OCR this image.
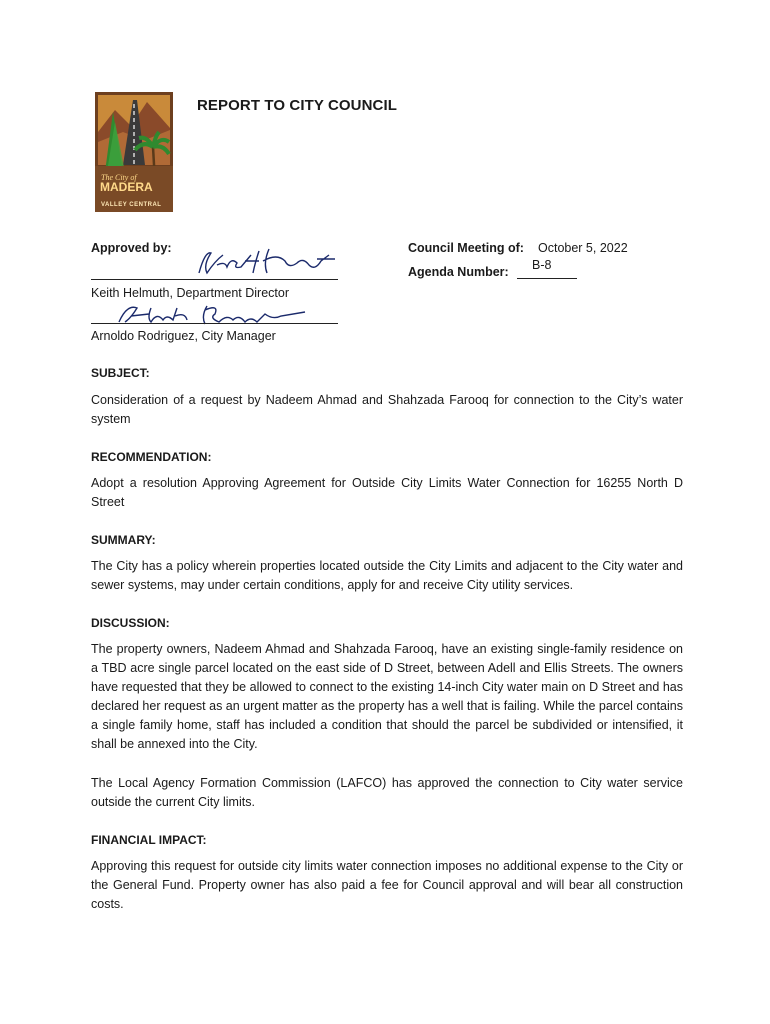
The City of
MADERA
VALLEY CENTRAL
REPORT TO CITY COUNCIL
Approved by:
Keith Helmuth, Department Director
Arnoldo Rodriguez, City Manager
Council Meeting of: October 5, 2022
Agenda Number: B-8
SUBJECT:
Consideration of a request by Nadeem Ahmad and Shahzada Farooq for connection to the City’s water system
RECOMMENDATION:
Adopt a resolution Approving Agreement for Outside City Limits Water Connection for 16255 North D Street
SUMMARY:
The City has a policy wherein properties located outside the City Limits and adjacent to the City water and sewer systems, may under certain conditions, apply for and receive City utility services.
DISCUSSION:
The property owners, Nadeem Ahmad and Shahzada Farooq, have an existing single-family residence on a TBD acre single parcel located on the east side of D Street, between Adell and Ellis Streets. The owners have requested that they be allowed to connect to the existing 14-inch City water main on D Street and has declared her request as an urgent matter as the property has a well that is failing. While the parcel contains a single family home, staff has included a condition that should the parcel be subdivided or intensified, it shall be annexed into the City.
The Local Agency Formation Commission (LAFCO) has approved the connection to City water service outside the current City limits.
FINANCIAL IMPACT:
Approving this request for outside city limits water connection imposes no additional expense to the City or the General Fund. Property owner has also paid a fee for Council approval and will bear all construction costs.
